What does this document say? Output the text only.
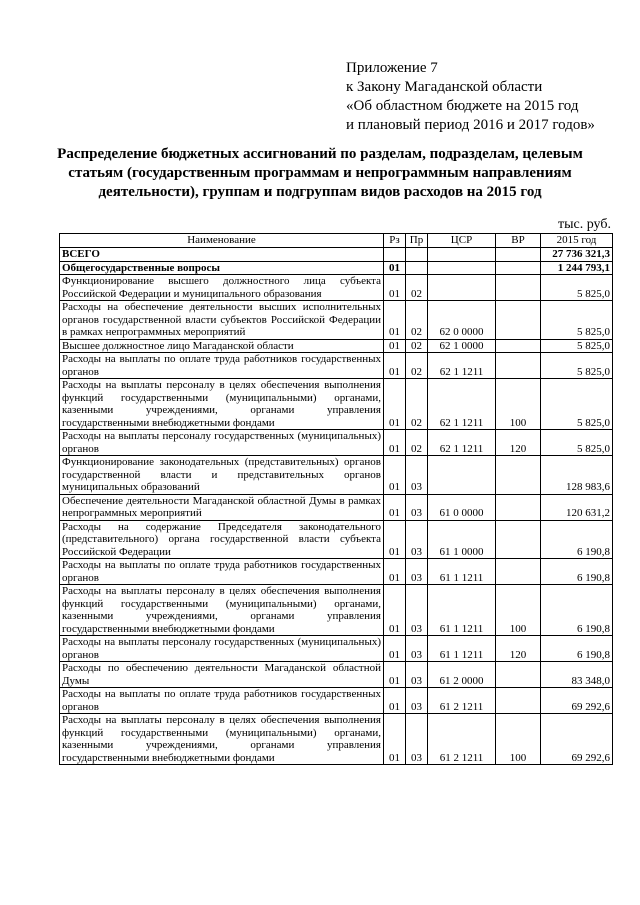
Приложение 7
к Закону Магаданской области
«Об областном бюджете на 2015 год
и плановый период 2016 и 2017 годов»
Распределение бюджетных ассигнований по разделам, подразделам, целевым статьям (государственным программам и непрограммным направлениям деятельности), группам и подгруппам видов расходов на 2015 год
тыс. руб.
Наименование	Рз	Пр	ЦСР	ВР	2015 год
ВСЕГО					27 736 321,3
Общегосударственные вопросы	01				1 244 793,1
Функционирование высшего должностного лица субъекта Российской Федерации и муниципального образования	01	02			5 825,0
Расходы на обеспечение деятельности высших исполнительных органов государственной власти субъектов Российской Федерации в рамках непрограммных мероприятий	01	02	62 0 0000		5 825,0
Высшее должностное лицо Магаданской области	01	02	62 1 0000		5 825,0
Расходы на выплаты по оплате труда работников государственных органов	01	02	62 1 1211		5 825,0
Расходы на выплаты персоналу в целях обеспечения выполнения функций государственными (муниципальными) органами, казенными учреждениями, органами управления государственными внебюджетными фондами	01	02	62 1 1211	100	5 825,0
Расходы на выплаты персоналу государственных (муниципальных) органов	01	02	62 1 1211	120	5 825,0
Функционирование законодательных (представительных) органов государственной власти и представительных органов муниципальных образований	01	03			128 983,6
Обеспечение деятельности Магаданской областной Думы в рамках непрограммных мероприятий	01	03	61 0 0000		120 631,2
Расходы на содержание Председателя законодательного (представительного) органа государственной власти субъекта Российской Федерации	01	03	61 1 0000		6 190,8
Расходы на выплаты по оплате труда работников государственных органов	01	03	61 1 1211		6 190,8
Расходы на выплаты персоналу в целях обеспечения выполнения функций государственными (муниципальными) органами, казенными учреждениями, органами управления государственными внебюджетными фондами	01	03	61 1 1211	100	6 190,8
Расходы на выплаты персоналу государственных (муниципальных) органов	01	03	61 1 1211	120	6 190,8
Расходы по обеспечению деятельности Магаданской областной Думы	01	03	61 2 0000		83 348,0
Расходы на выплаты по оплате труда работников государственных органов	01	03	61 2 1211		69 292,6
Расходы на выплаты персоналу в целях обеспечения выполнения функций государственными (муниципальными) органами, казенными учреждениями, органами управления государственными внебюджетными фондами	01	03	61 2 1211	100	69 292,6
